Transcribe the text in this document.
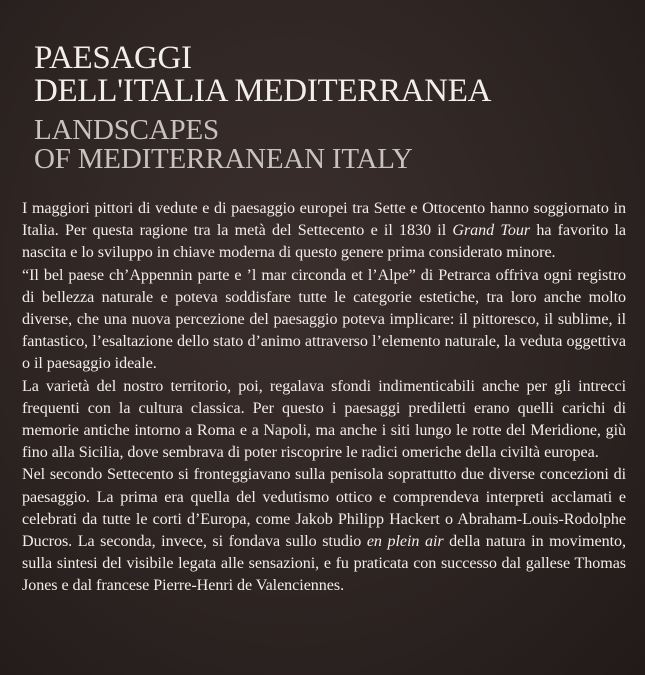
PAESAGGI
DELL'ITALIA MEDITERRANEA
LANDSCAPES
OF MEDITERRANEAN ITALY

I maggiori pittori di vedute e di paesaggio europei tra Sette e Ottocento hanno soggiornato in Italia. Per questa ragione tra la metà del Settecento e il 1830 il Grand Tour ha favorito la nascita e lo sviluppo in chiave moderna di questo genere prima considerato minore.

“Il bel paese ch’Appennin parte e ’l mar circonda et l’Alpe” di Petrarca offriva ogni registro di bellezza naturale e poteva soddisfare tutte le categorie estetiche, tra loro anche molto diverse, che una nuova percezione del paesaggio poteva implicare: il pittoresco, il sublime, il fantastico, l’esaltazione dello stato d’animo attraverso l’elemento naturale, la veduta oggettiva o il paesaggio ideale.

La varietà del nostro territorio, poi, regalava sfondi indimenticabili anche per gli intrecci frequenti con la cultura classica. Per questo i paesaggi prediletti erano quelli carichi di memorie antiche intorno a Roma e a Napoli, ma anche i siti lungo le rotte del Meridione, giù fino alla Sicilia, dove sembrava di poter riscoprire le radici omeriche della civiltà europea.

Nel secondo Settecento si fronteggiavano sulla penisola soprattutto due diverse concezioni di paesaggio. La prima era quella del vedutismo ottico e comprendeva interpreti acclamati e celebrati da tutte le corti d’Europa, come Jakob Philipp Hackert o Abraham-Louis-Rodolphe Ducros. La seconda, invece, si fondava sullo studio en plein air della natura in movimento, sulla sintesi del visibile legata alle sensazioni, e fu praticata con successo dal gallese Thomas Jones e dal francese Pierre-Henri de Valenciennes.
